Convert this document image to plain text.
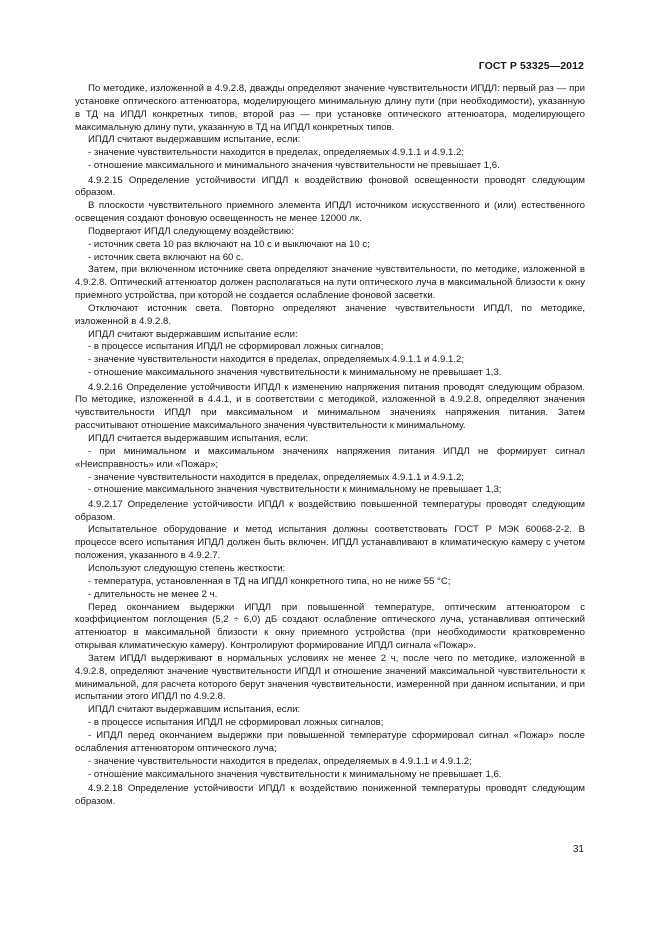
ГОСТ Р 53325—2012

По методике, изложенной в 4.9.2.8, дважды определяют значение чувствительности ИПДЛ: первый раз — при установке оптического аттенюатора, моделирующего минимальную длину пути (при необходимости), указанную в ТД на ИПДЛ конкретных типов, второй раз — при установке оптического аттенюатора, моделирующего максимальную длину пути, указанную в ТД на ИПДЛ конкретных типов.

ИПДЛ считают выдержавшим испытание, если:

- значение чувствительности находится в пределах, определяемых 4.9.1.1 и 4.9.1.2;

- отношение максимального и минимального значения чувствительности не превышает 1,6.

4.9.2.15 Определение устойчивости ИПДЛ к воздействию фоновой освещенности проводят следующим образом.

В плоскости чувствительного приемного элемента ИПДЛ источником искусственного и (или) естественного освещения создают фоновую освещенность не менее 12000 лк.

Подвергают ИПДЛ следующему воздействию:

- источник света 10 раз включают на 10 с и выключают на 10 с;

- источник света включают на 60 с.

Затем, при включенном источнике света определяют значение чувствительности, по методике, изложенной в 4.9.2.8. Оптический аттенюатор должен располагаться на пути оптического луча в максимальной близости к окну приемного устройства, при которой не создается ослабление фоновой засветки.

Отключают источник света. Повторно определяют значение чувствительности ИПДЛ, по методике, изложенной в 4.9.2.8.

ИПДЛ считают выдержавшим испытание если:

- в процессе испытания ИПДЛ не сформировал ложных сигналов;

- значение чувствительности находится в пределах, определяемых 4.9.1.1 и 4.9.1.2;

- отношение максимального значения чувствительности к минимальному не превышает 1,3.

4.9.2.16 Определение устойчивости ИПДЛ к изменению напряжения питания проводят следующим образом. По методике, изложенной в 4.4.1, и в соответствии с методикой, изложенной в 4.9.2.8, определяют значения чувствительности ИПДЛ при максимальном и минимальном значениях напряжения питания. Затем рассчитывают отношение максимального значения чувствительности к минимальному.

ИПДЛ считается выдержавшим испытания, если:

- при минимальном и максимальном значениях напряжения питания ИПДЛ не формирует сигнал «Неисправность» или «Пожар»;

- значение чувствительности находится в пределах, определяемых 4.9.1.1 и 4.9.1.2;

- отношение максимального значения чувствительности к минимальному не превышает 1,3;

4.9.2.17 Определение устойчивости ИПДЛ к воздействию повышенной температуры проводят следующим образом.

Испытательное оборудование и метод испытания должны соответствовать ГОСТ Р МЭК 60068-2-2. В процессе всего испытания ИПДЛ должен быть включен. ИПДЛ устанавливают в климатическую камеру с учетом положения, указанного в 4.9.2.7.

Используют следующую степень жесткости:

- температура, установленная в ТД на ИПДЛ конкретного типа, но не ниже 55 °С;

- длительность не менее 2 ч.

Перед окончанием выдержки ИПДЛ при повышенной температуре, оптическим аттенюатором с коэффициентом поглощения (5,2 ÷ 6,0) дБ создают ослабление оптического луча, устанавливая оптический аттенюатор в максимальной близости к окну приемного устройства (при необходимости кратковременно открывая климатическую камеру). Контролируют формирование ИПДЛ сигнала «Пожар».

Затем ИПДЛ выдерживают в нормальных условиях не менее 2 ч, после чего по методике, изложенной в 4.9.2.8, определяют значение чувствительности ИПДЛ и отношение значений максимальной чувствительности к минимальной, для расчета которого берут значения чувствительности, измеренной при данном испытании, и при испытании этого ИПДЛ по 4.9.2.8.

ИПДЛ считают выдержавшим испытания, если:

- в процессе испытания ИПДЛ не сформировал ложных сигналов;

- ИПДЛ перед окончанием выдержки при повышенной температуре сформировал сигнал «Пожар» после ослабления аттенюатором оптического луча;

- значение чувствительности находится в пределах, определяемых в 4.9.1.1 и 4.9.1.2;

- отношение максимального значения чувствительности к минимальному не превышает 1,6.

4.9.2.18 Определение устойчивости ИПДЛ к воздействию пониженной температуры проводят следующим образом.

31
